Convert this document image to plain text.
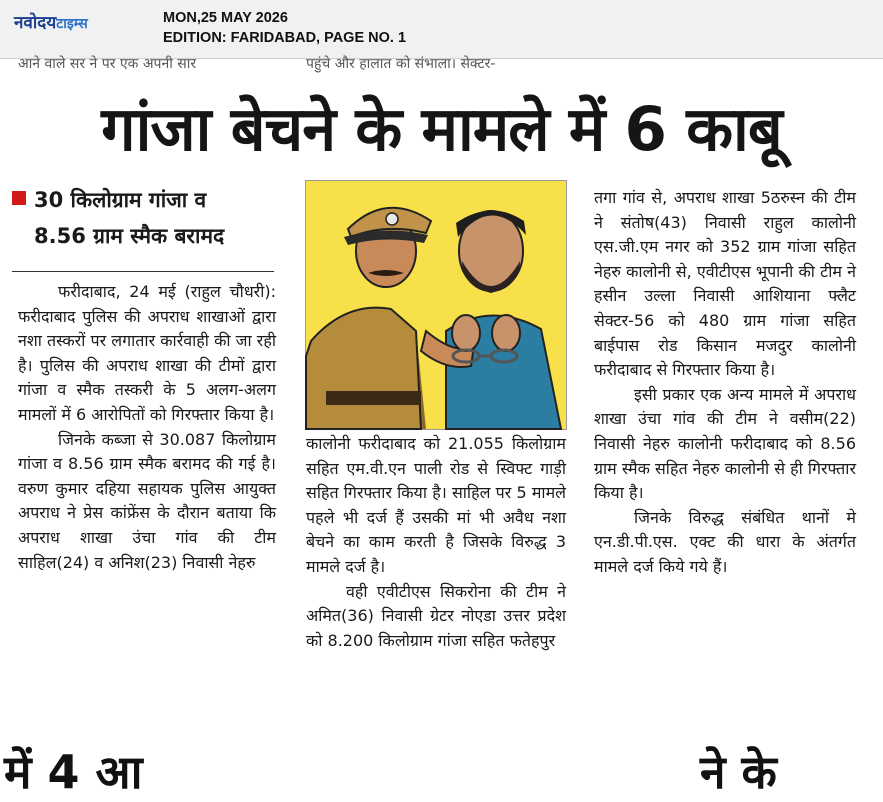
नवोदयटाइम्स	MON,25 MAY 2026
EDITION: FARIDABAD, PAGE NO. 1
आने वाले सर ने पर एक अपनी सार	पहुंचे और हालात को संभाला। सेक्टर-
गांजा बेचने के मामले में 6 काबू
30 किलोग्राम गांजा व
8.56 ग्राम स्मैक बरामद

फरीदाबाद, 24 मई (राहुल चौधरी): फरीदाबाद पुलिस की अपराध शाखाओं द्वारा नशा तस्करों पर लगातार कार्रवाही की जा रही है। पुलिस की अपराध शाखा की टीमों द्वारा गांजा व स्मैक तस्करी के 5 अलग-अलग मामलों में 6 आरोपितों को गिरफ्तार किया है।

जिनके कब्जा से 30.087 किलोग्राम गांजा व 8.56 ग्राम स्मैक बरामद की गई है। वरुण कुमार दहिया सहायक पुलिस आयुक्त अपराध ने प्रेस कांफ्रेंस के दौरान बताया कि अपराध शाखा उंचा गांव की टीम साहिल(24) व अनिश(23) निवासी नेहरु

कालोनी फरीदाबाद को 21.055 किलोग्राम सहित एम.वी.एन पाली रोड से स्विफ्ट गाड़ी सहित गिरफ्तार किया है। साहिल पर 5 मामले पहले भी दर्ज हैं उसकी मां भी अवैध नशा बेचने का काम करती है जिसके विरुद्ध 3 मामले दर्ज है।

वही एवीटीएस सिकरोना की टीम ने अमित(36) निवासी ग्रेटर नोएडा उत्तर प्रदेश को 8.200 किलोग्राम गांजा सहित फतेहपुर

तगा गांव से, अपराध शाखा 5ठरुस्न की टीम ने संतोष(43) निवासी राहुल कालोनी एस.जी.एम नगर को 352 ग्राम गांजा सहित नेहरु कालोनी से, एवीटीएस भूपानी की टीम ने हसीन उल्ला निवासी आशियाना फ्लैट सेक्टर-56 को 480 ग्राम गांजा सहित बाईपास रोड किसान मजदुर कालोनी फरीदाबाद से गिरफ्तार किया है।

इसी प्रकार एक अन्य मामले में अपराध शाखा उंचा गांव की टीम ने वसीम(22) निवासी नेहरु कालोनी फरीदाबाद को 8.56 ग्राम स्मैक सहित नेहरु कालोनी से ही गिरफ्तार किया है।

जिनके विरुद्ध संबंधित थानों मे एन.डी.पी.एस. एक्ट की धारा के अंतर्गत मामले दर्ज किये गये हैं।

में 4 आ	ने के
